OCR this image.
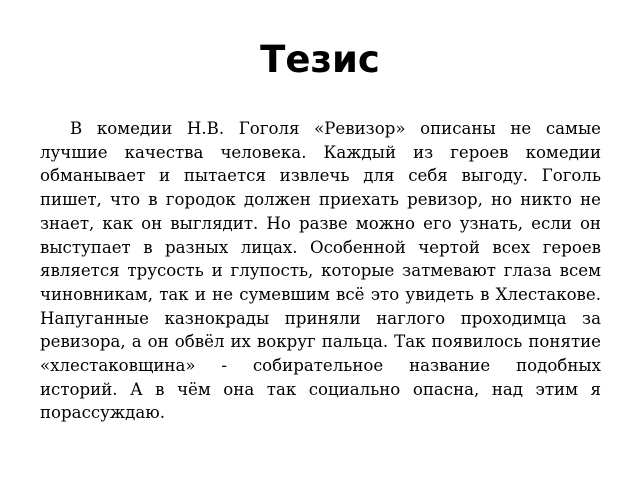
Тезис

В комедии Н.В. Гоголя «Ревизор» описаны не самые лучшие качества человека. Каждый из героев комедии обманывает и пытается извлечь для себя выгоду. Гоголь пишет, что в городок должен приехать ревизор, но никто не знает, как он выглядит. Но разве можно его узнать, если он выступает в разных лицах. Особенной чертой всех героев является трусость и глупость, которые затмевают глаза всем чиновникам, так и не сумевшим всё это увидеть в Хлестакове. Напуганные казнокрады приняли наглого проходимца за ревизора, а он обвёл их вокруг пальца. Так появилось понятие «хлестаковщина» - собирательное название подобных историй. А в чём она так социально опасна, над этим я порассуждаю.
